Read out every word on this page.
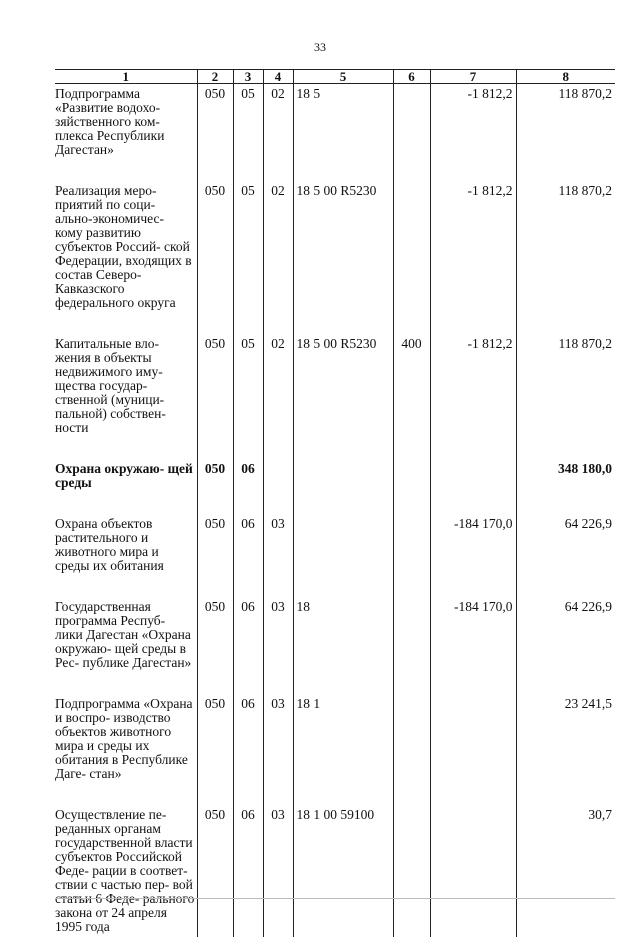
33
1	2	3	4	5	6	7	8
Подпрограмма «Развитие водохо- зяйственного ком- плекса Республики Дагестан»	050	05	02	18 5		-1 812,2	118 870,2
Реализация меро- приятий по соци- ально-экономичес- кому развитию субъектов Россий- ской Федерации, входящих в состав Северо-Кавказского федерального округа	050	05	02	18 5 00 R5230		-1 812,2	118 870,2
Капитальные вло- жения в объекты недвижимого иму- щества государ- ственной (муници- пальной) собствен- ности	050	05	02	18 5 00 R5230	400	-1 812,2	118 870,2
Охрана окружаю- щей среды	050	06					348 180,0
Охрана объектов растительного и животного мира и среды их обитания	050	06	03			-184 170,0	64 226,9
Государственная программа Респуб- лики Дагестан «Охрана окружаю- щей среды в Рес- публике Дагестан»	050	06	03	18		-184 170,0	64 226,9
Подпрограмма «Охрана и воспро- изводство объектов животного мира и среды их обитания в Республике Даге- стан»	050	06	03	18 1			23 241,5
Осуществление пе- реданных органам государственной власти субъектов Российской Феде- рации в соответ- ствии с частью пер- вой статьи 6 Феде- рального закона от 24 апреля 1995 года	050	06	03	18 1 00 59100			30,7
